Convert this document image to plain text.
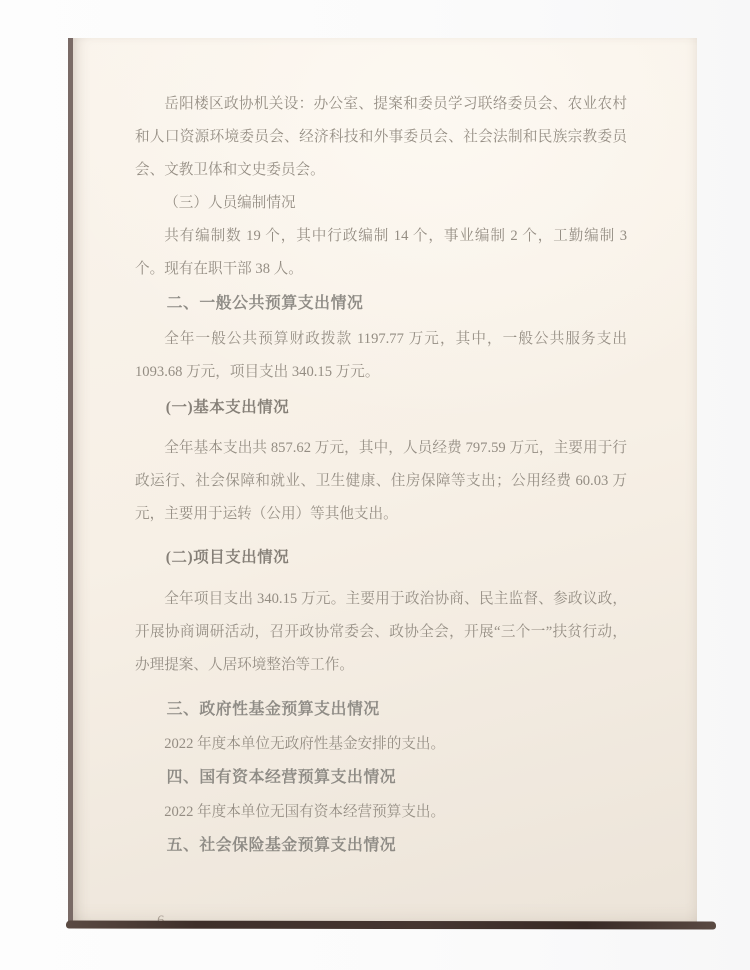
岳阳楼区政协机关设：办公室、提案和委员学习联络委员会、农业农村和人口资源环境委员会、经济科技和外事委员会、社会法制和民族宗教委员会、文教卫体和文史委员会。

（三）人员编制情况

共有编制数 19 个，其中行政编制 14 个，事业编制 2 个，工勤编制 3 个。现有在职干部 38 人。

二、一般公共预算支出情况

全年一般公共预算财政拨款 1197.77 万元，其中，一般公共服务支出 1093.68 万元，项目支出 340.15 万元。

(一)基本支出情况

全年基本支出共 857.62 万元，其中，人员经费 797.59 万元，主要用于行政运行、社会保障和就业、卫生健康、住房保障等支出；公用经费 60.03 万元，主要用于运转（公用）等其他支出。

(二)项目支出情况

全年项目支出 340.15 万元。主要用于政治协商、民主监督、参政议政，开展协商调研活动，召开政协常委会、政协全会，开展“三个一”扶贫行动，办理提案、人居环境整治等工作。

三、政府性基金预算支出情况

2022 年度本单位无政府性基金安排的支出。

四、国有资本经营预算支出情况

2022 年度本单位无国有资本经营预算支出。

五、社会保险基金预算支出情况
